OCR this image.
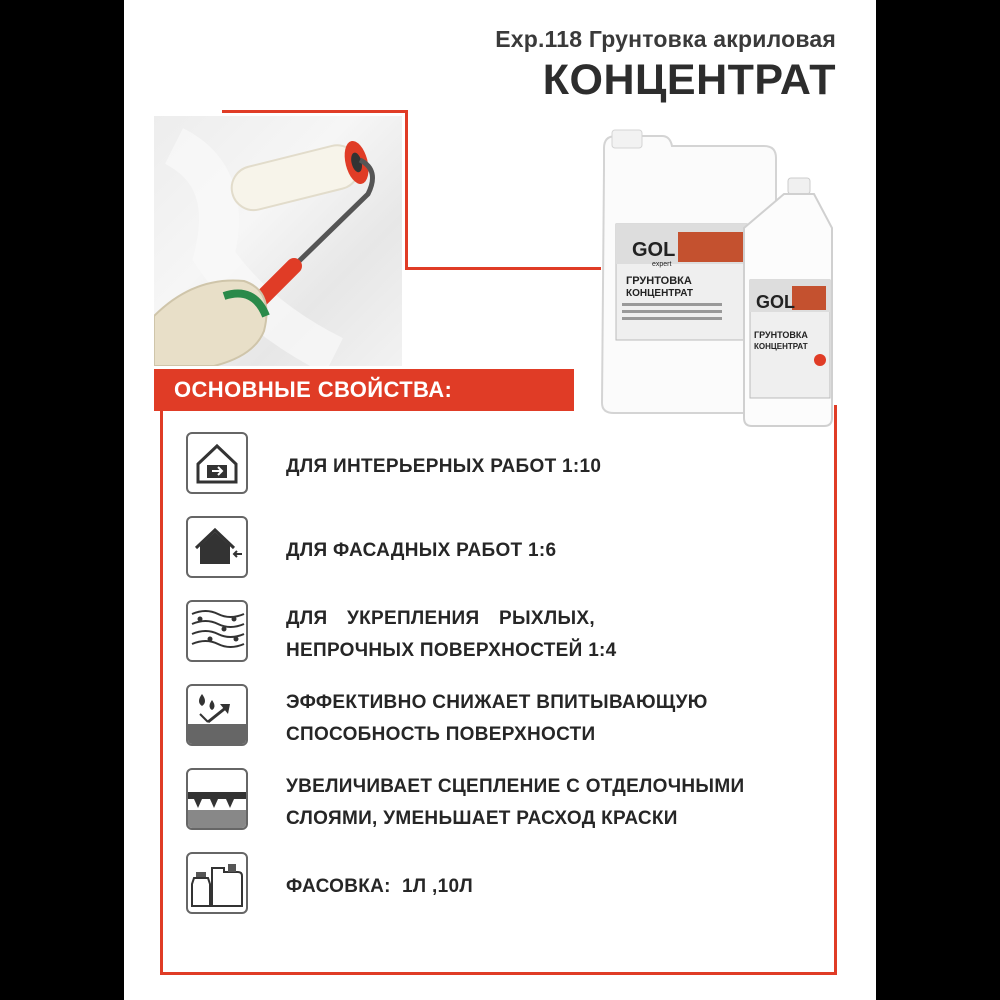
Exp.118 Грунтовка акриловая
КОНЦЕНТРАТ
GOL
expert
ГРУНТОВКА
КОНЦЕНТРАТ	GOL
ГРУНТОВКА
КОНЦЕНТРАТ
ОСНОВНЫЕ СВОЙСТВА:
ДЛЯ ИНТЕРЬЕРНЫХ РАБОТ 1:10
ДЛЯ ФАСАДНЫХ РАБОТ 1:6
ДЛЯ УКРЕПЛЕНИЯ РЫХЛЫХ,
НЕПРОЧНЫХ ПОВЕРХНОСТЕЙ 1:4
ЭФФЕКТИВНО СНИЖАЕТ ВПИТЫВАЮЩУЮ
СПОСОБНОСТЬ ПОВЕРХНОСТИ
УВЕЛИЧИВАЕТ СЦЕПЛЕНИЕ С ОТДЕЛОЧНЫМИ
СЛОЯМИ, УМЕНЬШАЕТ РАСХОД КРАСКИ
ФАСОВКА:  1Л ,10Л
